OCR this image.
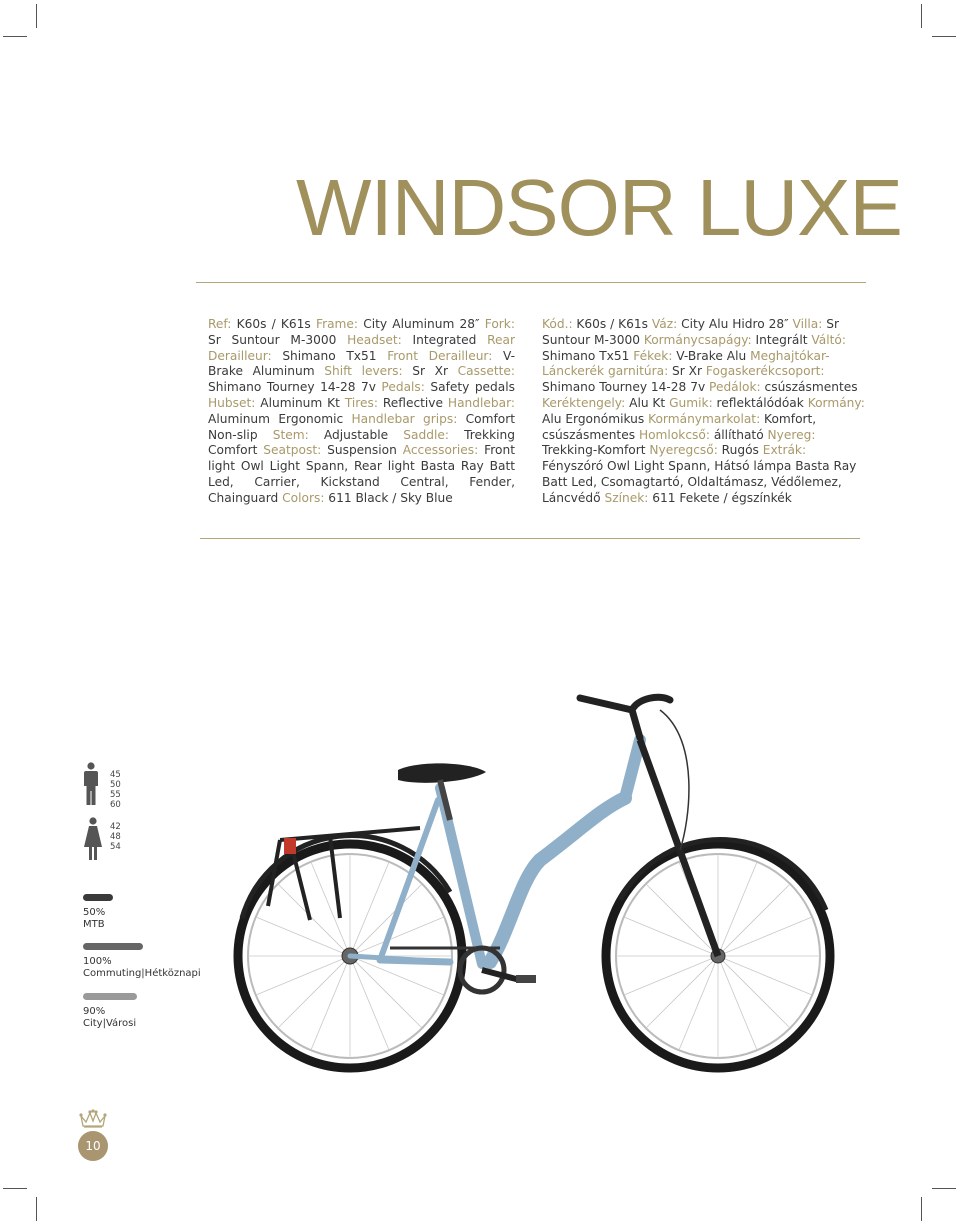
WINDSOR LUXE
Ref: K60s / K61s Frame: City Aluminum 28″ Fork: Sr Suntour M-3000 Headset: Integrated Rear Derailleur: Shimano Tx51 Front Derailleur: V-Brake Aluminum Shift levers: Sr Xr Cassette: Shimano Tourney 14-28 7v Pedals: Safety pedals Hubset: Aluminum Kt Tires: Reflective Handlebar: Aluminum Ergonomic Handlebar grips: Comfort Non-slip Stem: Adjustable Saddle: Trekking Comfort Seatpost: Suspension Accessories: Front light Owl Light Spann, Rear light Basta Ray Batt Led, Carrier, Kickstand Central, Fender, Chainguard Colors: 611 Black / Sky Blue
Kód.: K60s / K61s Váz: City Alu Hidro 28″ Villa: Sr Suntour M-3000 Kormánycsapágy: Integrált Váltó: Shimano Tx51 Fékek: V-Brake Alu Meghajtókar-Lánckerék garnitúra: Sr Xr Fogaskerékcsoport: Shimano Tourney 14-28 7v Pedálok: csúszásmentes Keréktengely: Alu Kt Gumik: reflektálódóak Kormány: Alu Ergonómikus Kormánymarkolat: Komfort, csúszásmentes Homlokcső: állítható Nyereg: Trekking-Komfort Nyeregcső: Rugós Extrák: Fényszóró Owl Light Spann, Hátsó lámpa Basta Ray Batt Led, Csomagtartó, Oldaltámasz, Védőlemez, Láncvédő Színek: 611 Fekete / égszínkék
45
50
55
60
42
48
54
50%
MTB
100%
Commuting|Hétköznapi
90%
City|Városi
10
